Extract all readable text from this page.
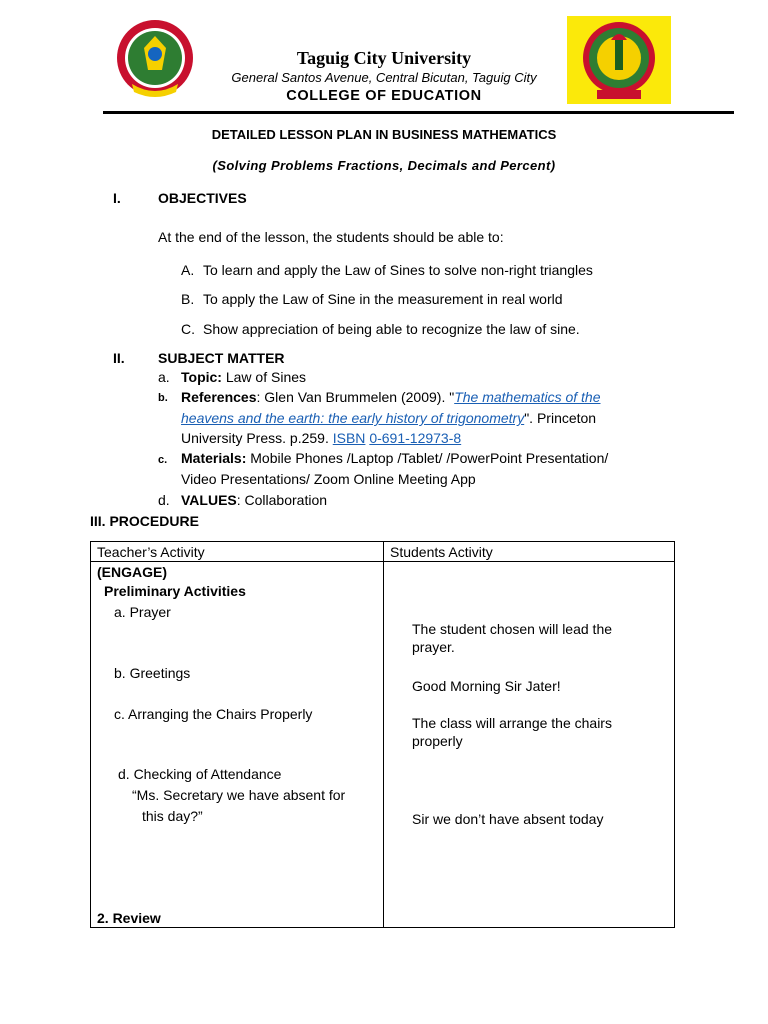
Taguig City University
General Santos Avenue, Central Bicutan, Taguig City
COLLEGE OF EDUCATION
DETAILED LESSON PLAN IN BUSINESS MATHEMATICS
(Solving Problems Fractions, Decimals and Percent)
I.	OBJECTIVES
At the end of the lesson, the students should be able to:
A. To learn and apply the Law of Sines to solve non-right triangles
B. To apply the Law of Sine in the measurement in real world
C. Show appreciation of being able to recognize the law of sine.
II. SUBJECT MATTER
a. Topic: Law of Sines
b. References: Glen Van Brummelen (2009). "The mathematics of the
heavens and the earth: the early history of trigonometry". Princeton
University Press. p.259. ISBN 0-691-12973-8
c. Materials: Mobile Phones /Laptop /Tablet/ /PowerPoint Presentation/
Video Presentations/ Zoom Online Meeting App
d. VALUES: Collaboration
III. PROCEDURE
Teacher’s Activity	Students Activity
(ENGAGE)
Preliminary Activities
a. Prayer
b. Greetings
c. Arranging the Chairs Properly
d. Checking of Attendance
“Ms. Secretary we have absent for
this day?”
2. Review
The student chosen will lead the
prayer.
Good Morning Sir Jater!
The class will arrange the chairs
properly
Sir we don’t have absent today
